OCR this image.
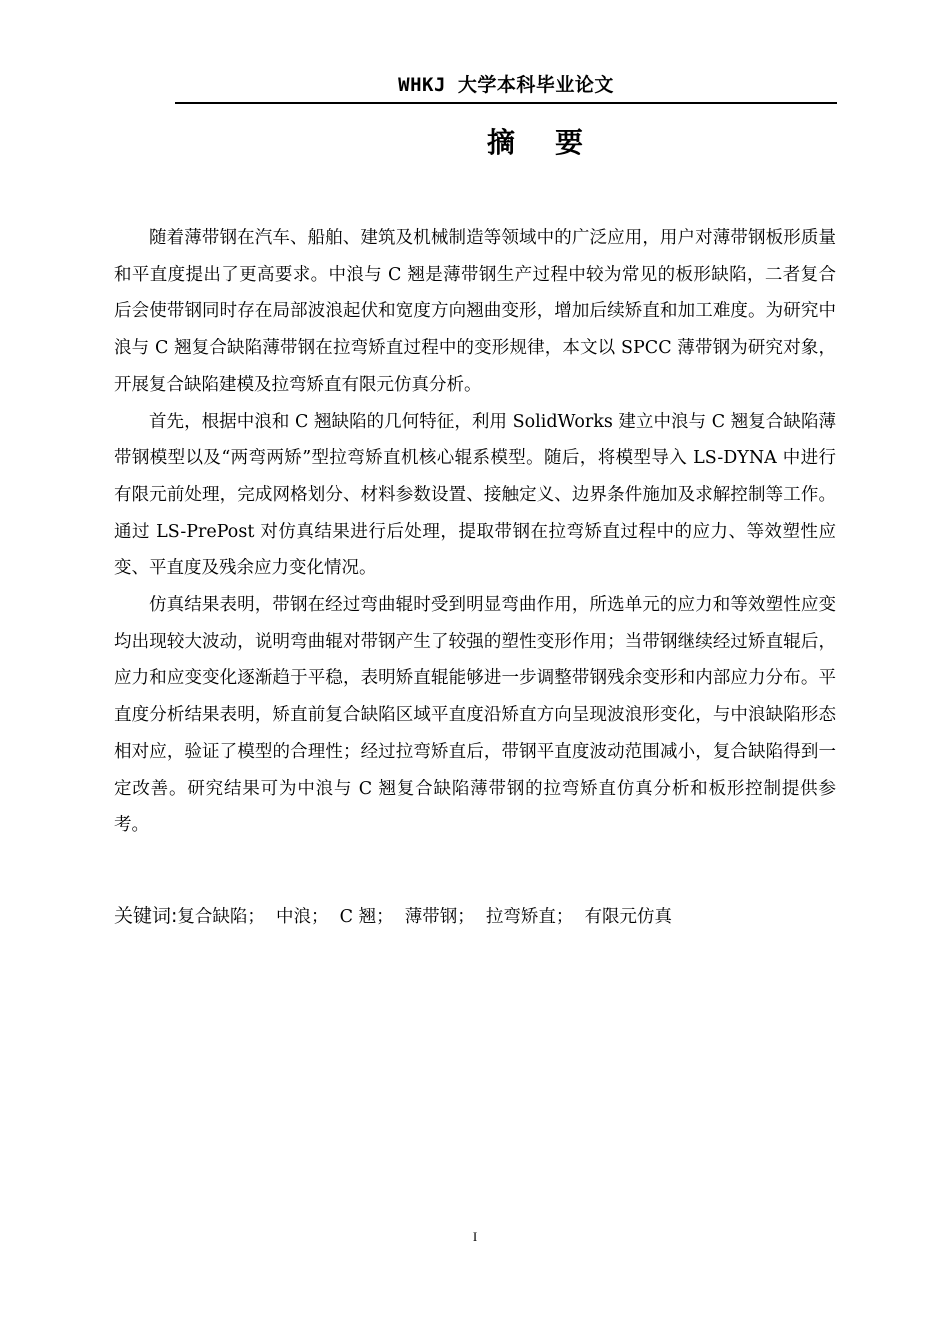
WHKJ 大学本科毕业论文
摘要

随着薄带钢在汽车、船舶、建筑及机械制造等领域中的广泛应用，用户对薄带钢板形质量和平直度提出了更高要求。中浪与 C 翘是薄带钢生产过程中较为常见的板形缺陷，二者复合后会使带钢同时存在局部波浪起伏和宽度方向翘曲变形，增加后续矫直和加工难度。为研究中浪与 C 翘复合缺陷薄带钢在拉弯矫直过程中的变形规律，本文以 SPCC 薄带钢为研究对象，开展复合缺陷建模及拉弯矫直有限元仿真分析。

首先，根据中浪和 C 翘缺陷的几何特征，利用 SolidWorks 建立中浪与 C 翘复合缺陷薄带钢模型以及“两弯两矫”型拉弯矫直机核心辊系模型。随后，将模型导入 LS-DYNA 中进行有限元前处理，完成网格划分、材料参数设置、接触定义、边界条件施加及求解控制等工作。通过 LS-PrePost 对仿真结果进行后处理，提取带钢在拉弯矫直过程中的应力、等效塑性应变、平直度及残余应力变化情况。

仿真结果表明，带钢在经过弯曲辊时受到明显弯曲作用，所选单元的应力和等效塑性应变均出现较大波动，说明弯曲辊对带钢产生了较强的塑性变形作用；当带钢继续经过矫直辊后，应力和应变变化逐渐趋于平稳，表明矫直辊能够进一步调整带钢残余变形和内部应力分布。平直度分析结果表明，矫直前复合缺陷区域平直度沿矫直方向呈现波浪形变化，与中浪缺陷形态相对应，验证了模型的合理性；经过拉弯矫直后，带钢平直度波动范围减小，复合缺陷得到一定改善。研究结果可为中浪与 C 翘复合缺陷薄带钢的拉弯矫直仿真分析和板形控制提供参考。

关键词:复合缺陷；  中浪；  C 翘；  薄带钢；  拉弯矫直；  有限元仿真
I
